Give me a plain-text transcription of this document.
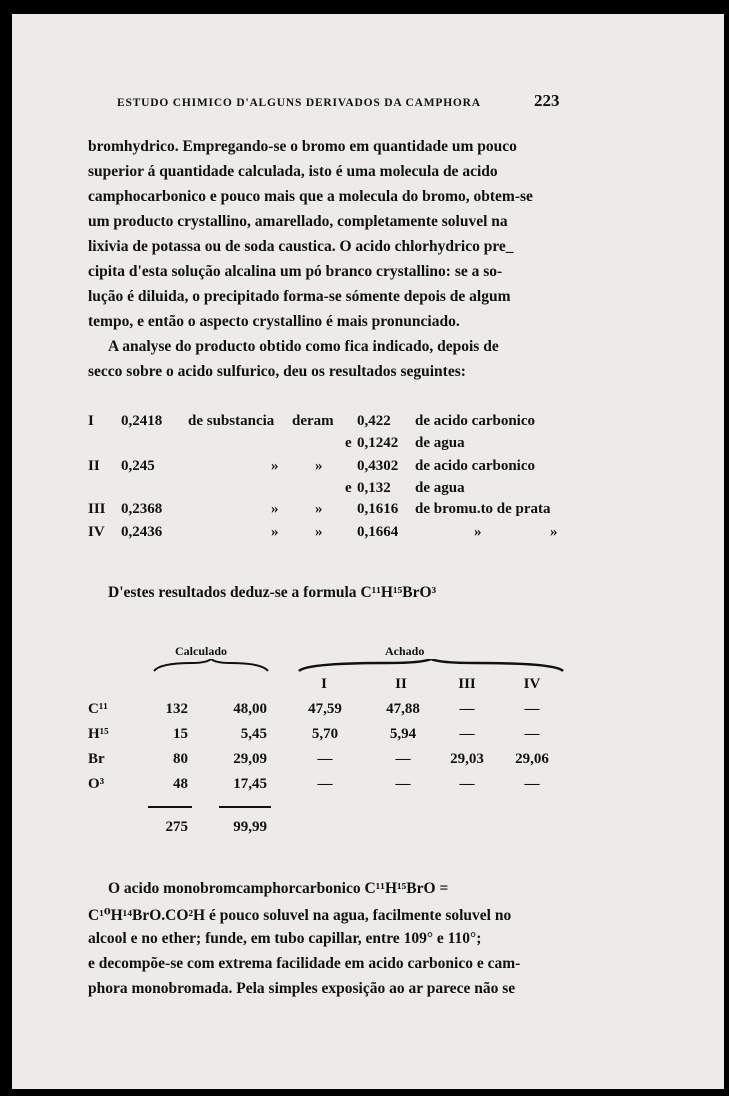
ESTUDO CHIMICO D'ALGUNS DERIVADOS DA CAMPHORA	223
bromhydrico. Empregando-se o bromo em quantidade um pouco
superior á quantidade calculada, isto é uma molecula de acido
camphocarbonico e pouco mais que a molecula do bromo, obtem-se
um producto crystallino, amarellado, completamente soluvel na
lixivia de potassa ou de soda caustica. O acido chlorhydrico pre_
cipita d'esta solução alcalina um pó branco crystallino: se a so-
lução é diluida, o precipitado forma-se sómente depois de algum
tempo, e então o aspecto crystallino é mais pronunciado.
A analyse do producto obtido como fica indicado, depois de
secco sobre o acido sulfurico, deu os resultados seguintes:
I 0,2418 de substancia deram 0,422 de acido carbonico
e 0,1242 de agua
II 0,245	» » 0,4302 de acido carbonico
e 0,132 de agua
III 0,2368	» » 0,1616 de bromu.to de prata
IV 0,2436	» » 0,1664	»	»
D'estes resultados deduz-se a formula C¹¹H¹⁵BrO³
Calculado	Achado
I	II	III	IV
C¹¹	132	48,00	47,59	47,88	—	—
H¹⁵	15	5,45	5,70	5,94	—	—
Br	80	29,09	—	—	29,03	29,06
O³	48	17,45	—	—	—	—
275	99,99
O acido monobromcamphorcarbonico C¹¹H¹⁵BrO =
C¹⁰H¹⁴BrO.CO²H é pouco soluvel na agua, facilmente soluvel no
alcool e no ether; funde, em tubo capillar, entre 109° e 110°;
e decompõe-se com extrema facilidade em acido carbonico e cam-
phora monobromada. Pela simples exposição ao ar parece não se
